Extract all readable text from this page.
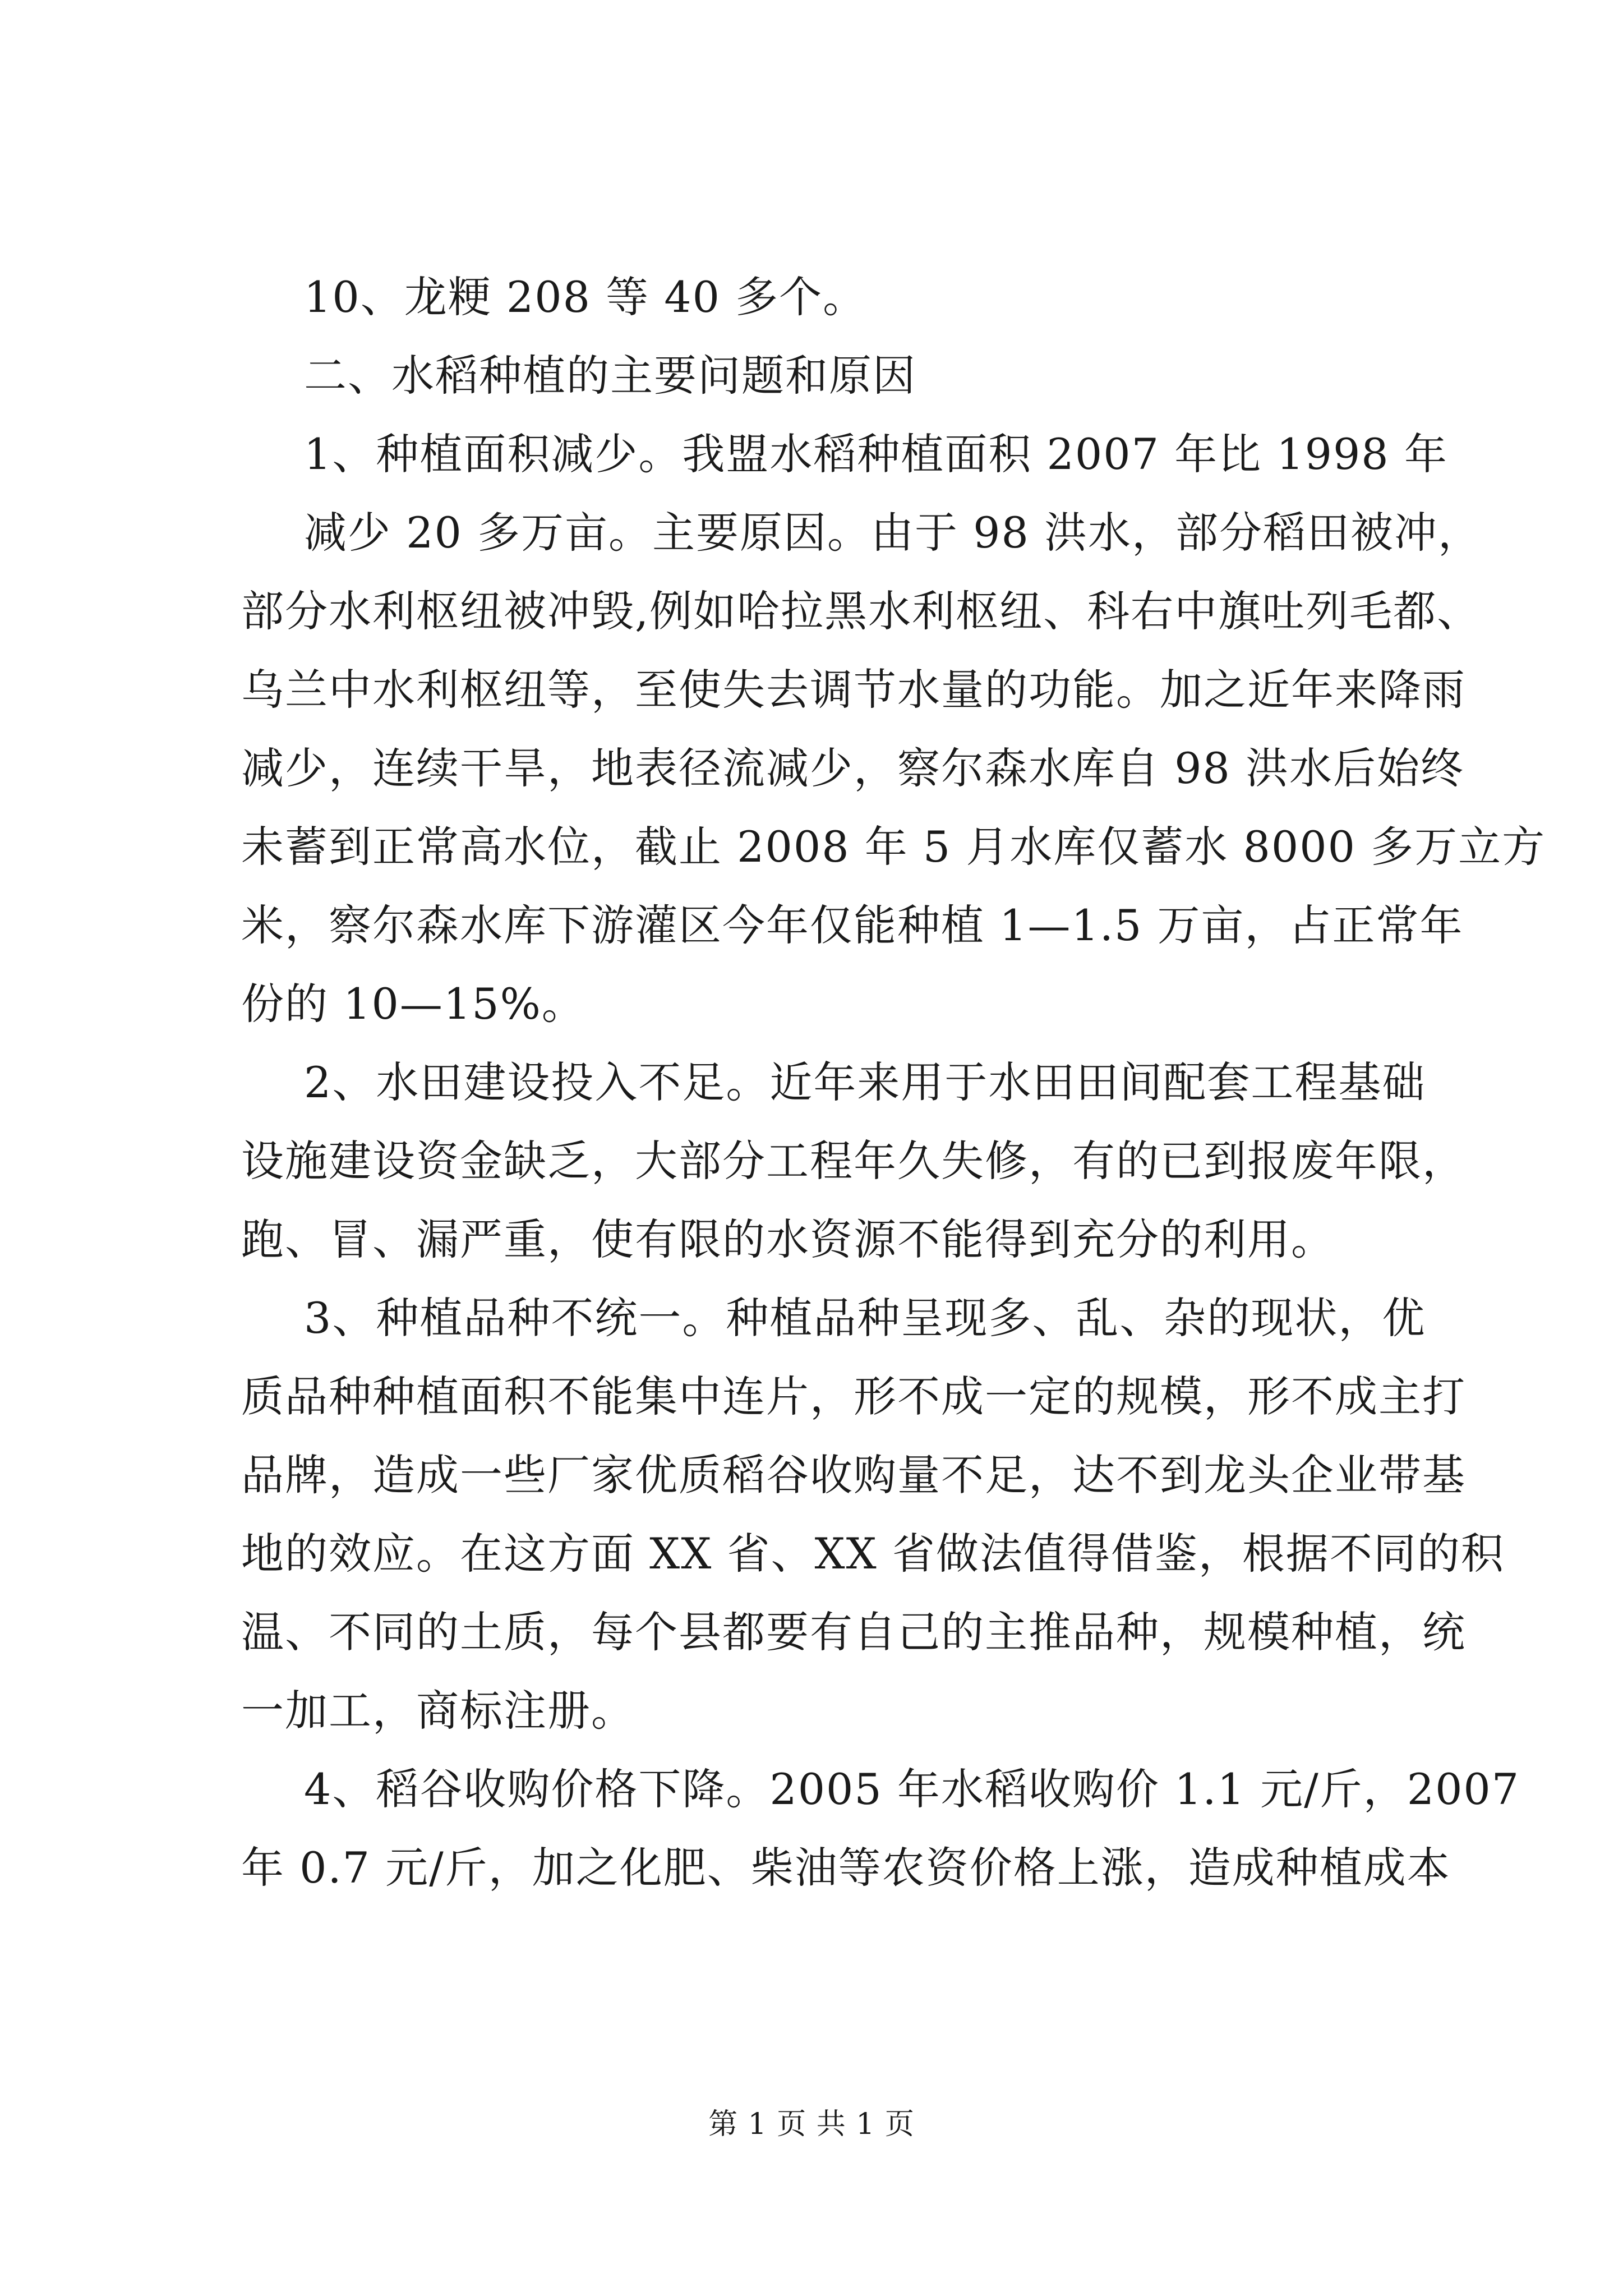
10、龙粳 208 等 40 多个。
二、水稻种植的主要问题和原因
1、种植面积减少。我盟水稻种植面积 2007 年比 1998 年
减少 20 多万亩。主要原因。由于 98 洪水，部分稻田被冲，
部分水利枢纽被冲毁,例如哈拉黑水利枢纽、科右中旗吐列毛都、
乌兰中水利枢纽等，至使失去调节水量的功能。加之近年来降雨
减少，连续干旱，地表径流减少，察尔森水库自 98 洪水后始终
未蓄到正常高水位，截止 2008 年 5 月水库仅蓄水 8000 多万立方
米，察尔森水库下游灌区今年仅能种植 1—1.5 万亩，占正常年
份的 10—15%。
2、水田建设投入不足。近年来用于水田田间配套工程基础
设施建设资金缺乏，大部分工程年久失修，有的已到报废年限，
跑、冒、漏严重，使有限的水资源不能得到充分的利用。
3、种植品种不统一。种植品种呈现多、乱、杂的现状，优
质品种种植面积不能集中连片，形不成一定的规模，形不成主打
品牌，造成一些厂家优质稻谷收购量不足，达不到龙头企业带基
地的效应。在这方面 XX 省、XX 省做法值得借鉴，根据不同的积
温、不同的土质，每个县都要有自己的主推品种，规模种植，统
一加工，商标注册。
4、稻谷收购价格下降。2005 年水稻收购价 1.1 元/斤，2007
年 0.7 元/斤，加之化肥、柴油等农资价格上涨，造成种植成本
第 1 页 共 1 页
